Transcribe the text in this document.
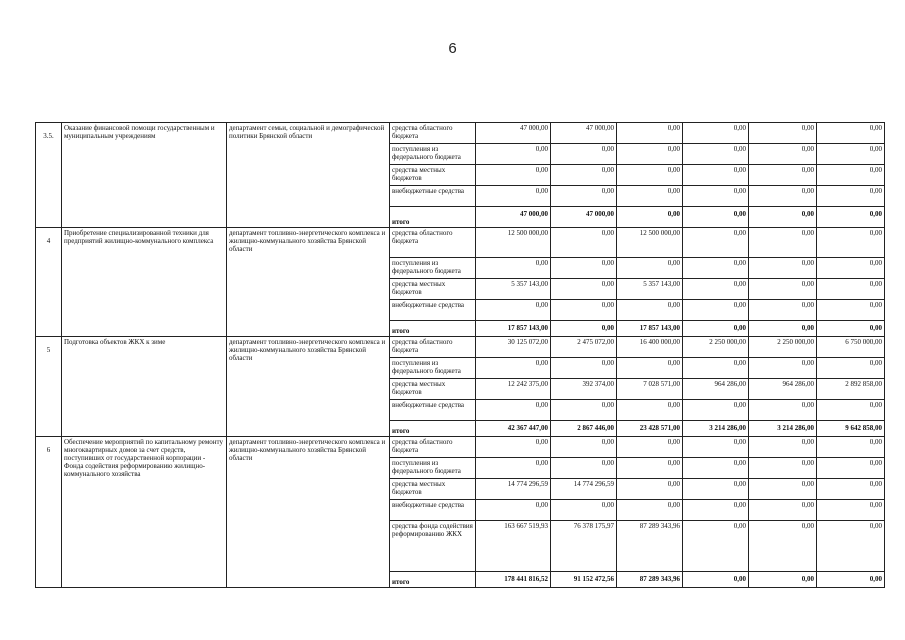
6
3.5.	Оказание финансовой помощи государственным и муниципальным учреждениям	департамент семьи, социальной и демографической политики Брянской области	средства областного бюджета	47 000,00	47 000,00	0,00	0,00	0,00	0,00
			поступления из федерального бюджета	0,00	0,00	0,00	0,00	0,00	0,00
			средства местных бюджетов	0,00	0,00	0,00	0,00	0,00	0,00
			внебюджетные средства	0,00	0,00	0,00	0,00	0,00	0,00
			итого	47 000,00	47 000,00	0,00	0,00	0,00	0,00

4	Приобретение специализированной техники для предприятий жилищно-коммунального комплекса	департамент топливно-энергетического комплекса и жилищно-коммунального хозяйства Брянской области	средства областного бюджета	12 500 000,00	0,00	12 500 000,00	0,00	0,00	0,00
			поступления из федерального бюджета	0,00	0,00	0,00	0,00	0,00	0,00
			средства местных бюджетов	5 357 143,00	0,00	5 357 143,00	0,00	0,00	0,00
			внебюджетные средства	0,00	0,00	0,00	0,00	0,00	0,00
			итого	17 857 143,00	0,00	17 857 143,00	0,00	0,00	0,00

5	Подготовка объектов ЖКХ к зиме	департамент топливно-энергетического комплекса и жилищно-коммунального хозяйства Брянской области	средства областного бюджета	30 125 072,00	2 475 072,00	16 400 000,00	2 250 000,00	2 250 000,00	6 750 000,00
			поступления из федерального бюджета	0,00	0,00	0,00	0,00	0,00	0,00
			средства местных бюджетов	12 242 375,00	392 374,00	7 028 571,00	964 286,00	964 286,00	2 892 858,00
			внебюджетные средства	0,00	0,00	0,00	0,00	0,00	0,00
			итого	42 367 447,00	2 867 446,00	23 428 571,00	3 214 286,00	3 214 286,00	9 642 858,00

6	Обеспечение мероприятий по капитальному ремонту многоквартирных домов за счет средств, поступивших от государственной корпорации - Фонда содействия реформированию жилищно-коммунального хозяйства	департамент топливно-энергетического комплекса и жилищно-коммунального хозяйства Брянской области	средства областного бюджета	0,00	0,00	0,00	0,00	0,00	0,00
			поступления из федерального бюджета	0,00	0,00	0,00	0,00	0,00	0,00
			средства местных бюджетов	14 774 296,59	14 774 296,59	0,00	0,00	0,00	0,00
			внебюджетные средства	0,00	0,00	0,00	0,00	0,00	0,00
			средства фонда содействия реформированию ЖКХ	163 667 519,93	76 378 175,97	87 289 343,96	0,00	0,00	0,00
			итого	178 441 816,52	91 152 472,56	87 289 343,96	0,00	0,00	0,00
